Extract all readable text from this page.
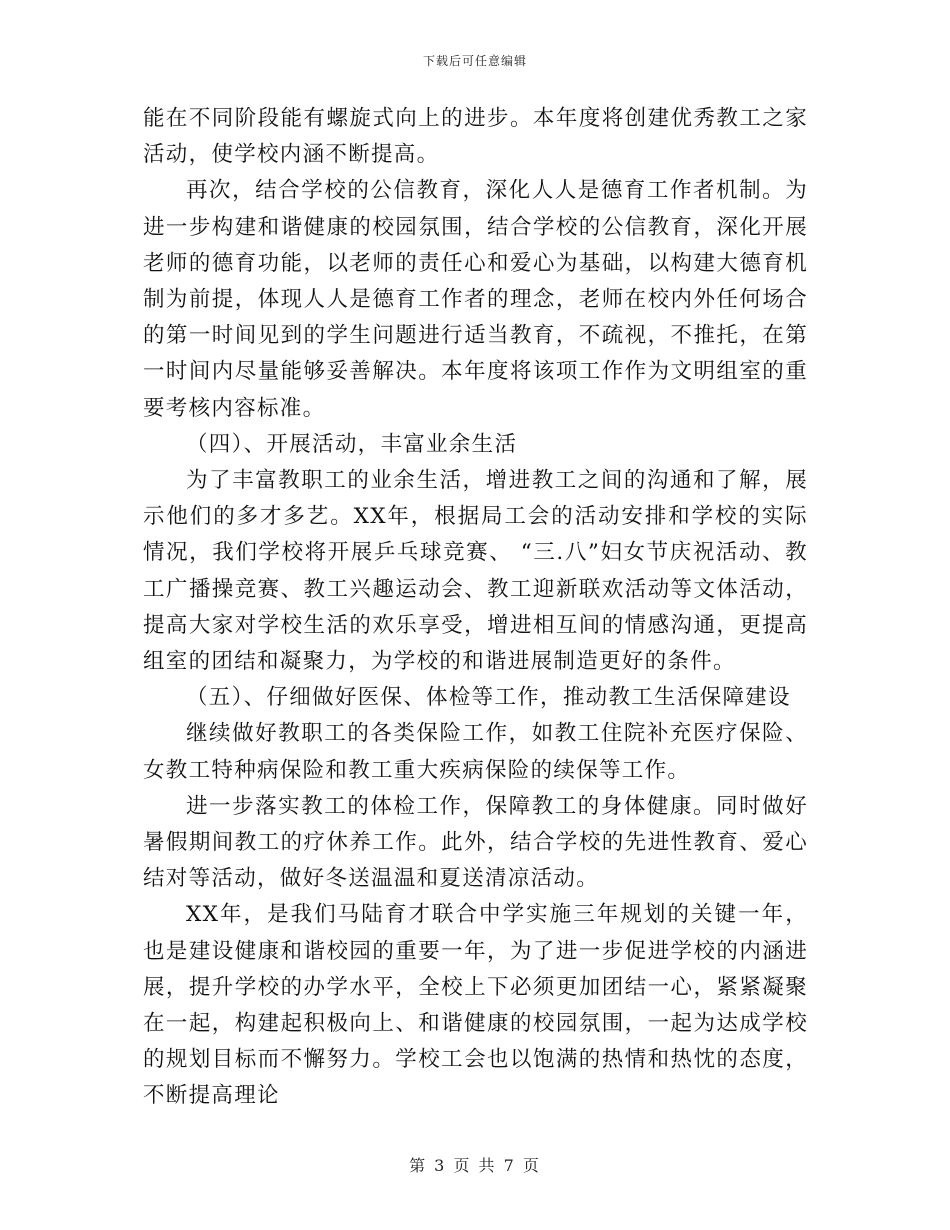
下载后可任意编辑

能在不同阶段能有螺旋式向上的进步。本年度将创建优秀教工之家活动，使学校内涵不断提高。

再次，结合学校的公信教育，深化人人是德育工作者机制。为进一步构建和谐健康的校园氛围，结合学校的公信教育，深化开展老师的德育功能，以老师的责任心和爱心为基础，以构建大德育机制为前提，体现人人是德育工作者的理念，老师在校内外任何场合的第一时间见到的学生问题进行适当教育，不疏视，不推托，在第一时间内尽量能够妥善解决。本年度将该项工作作为文明组室的重要考核内容标准。

（四）、开展活动，丰富业余生活

为了丰富教职工的业余生活，增进教工之间的沟通和了解，展示他们的多才多艺。XX年，根据局工会的活动安排和学校的实际情况，我们学校将开展乒乓球竞赛、 “三.八”妇女节庆祝活动、教工广播操竞赛、教工兴趣运动会、教工迎新联欢活动等文体活动，提高大家对学校生活的欢乐享受，增进相互间的情感沟通，更提高组室的团结和凝聚力，为学校的和谐进展制造更好的条件。

（五）、仔细做好医保、体检等工作，推动教工生活保障建设

继续做好教职工的各类保险工作，如教工住院补充医疗保险、女教工特种病保险和教工重大疾病保险的续保等工作。

进一步落实教工的体检工作，保障教工的身体健康。同时做好暑假期间教工的疗休养工作。此外，结合学校的先进性教育、爱心结对等活动，做好冬送温温和夏送清凉活动。

XX年，是我们马陆育才联合中学实施三年规划的关键一年，也是建设健康和谐校园的重要一年，为了进一步促进学校的内涵进展，提升学校的办学水平，全校上下必须更加团结一心，紧紧凝聚在一起，构建起积极向上、和谐健康的校园氛围，一起为达成学校的规划目标而不懈努力。学校工会也以饱满的热情和热忱的态度，不断提高理论

第 3 页 共 7 页
